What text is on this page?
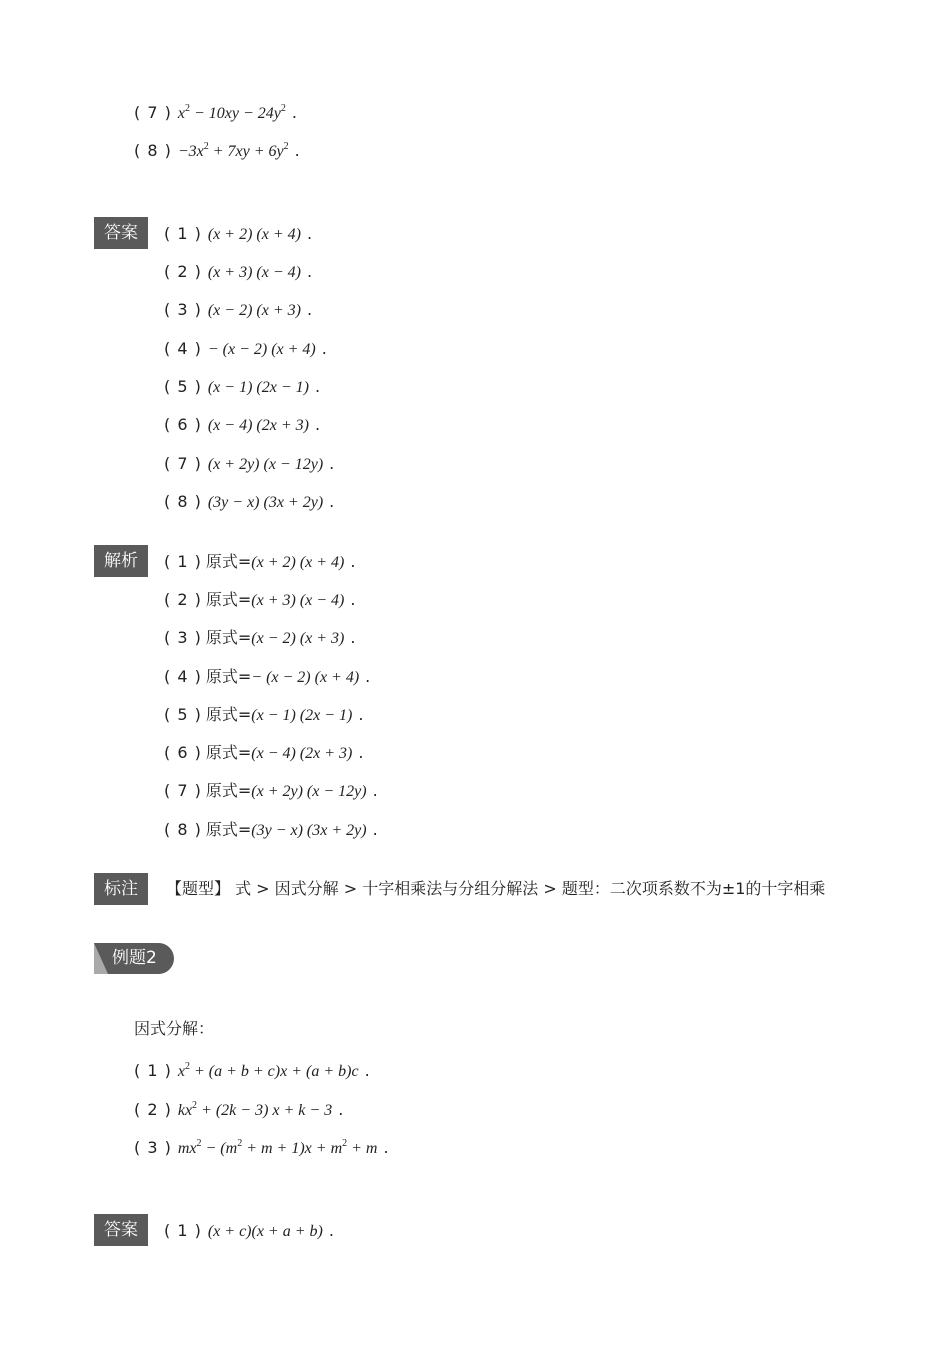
( 7 ) $x^2 - 10xy - 24y^2$ .
( 8 ) $-3x^2 + 7xy + 6y^2$ .
答案	( 1 ) (x + 2) (x + 4) .
( 2 ) (x + 3) (x − 4) .
( 3 ) (x − 2) (x + 3) .
( 4 ) − (x − 2) (x + 4) .
( 5 ) (x − 1) (2x − 1) .
( 6 ) (x − 4) (2x + 3) .
( 7 ) (x + 2y) (x − 12y) .
( 8 ) (3y − x) (3x + 2y) .
解析	( 1 ) 原式=(x + 2) (x + 4) .
( 2 ) 原式=(x + 3) (x − 4) .
( 3 ) 原式=(x − 2) (x + 3) .
( 4 ) 原式=− (x − 2) (x + 4) .
( 5 ) 原式=(x − 1) (2x − 1) .
( 6 ) 原式=(x − 4) (2x + 3) .
( 7 ) 原式=(x + 2y) (x − 12y) .
( 8 ) 原式=(3y − x) (3x + 2y) .
标注	【题型】 式 > 因式分解 > 十字相乘法与分组分解法 > 题型：二次项系数不为±1的十字相乘
例题2
因式分解：
( 1 ) $x^2 + (a + b + c)x + (a + b)c$ .
( 2 ) $kx^2 + (2k - 3) x + k - 3$ .
( 3 ) $mx^2 - (m^2 + m + 1)x + m^2 + m$ .
答案	( 1 ) (x + c)(x + a + b) .
